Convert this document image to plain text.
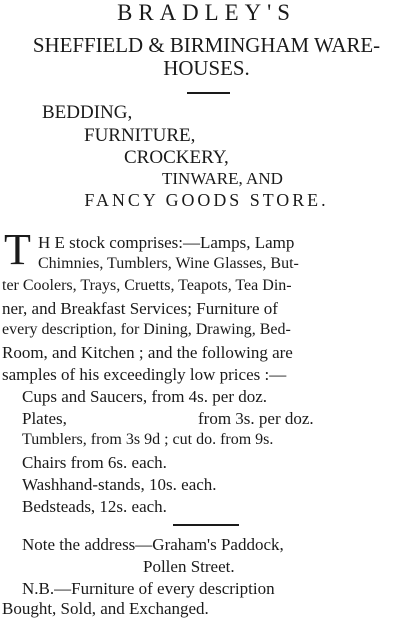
BRADLEY'S
SHEFFIELD & BIRMINGHAM WARE-
HOUSES.
BEDDING,
FURNITURE,
CROCKERY,
TINWARE, AND
FANCY GOODS STORE.
T H E stock comprises:—Lamps, Lamp
Chimnies, Tumblers, Wine Glasses, But-
ter Coolers, Trays, Cruetts, Teapots, Tea Din-
ner, and Breakfast Services; Furniture of
every description, for Dining, Drawing, Bed-
Room, and Kitchen ; and the following are
samples of his exceedingly low prices :—
Cups and Saucers, from 4s. per doz.
Plates,	from 3s. per doz.
Tumblers, from 3s 9d ; cut do. from 9s.
Chairs from 6s. each.
Washhand-stands, 10s. each.
Bedsteads, 12s. each.
Note the address—Graham's Paddock,
Pollen Street.
N.B.—Furniture of every description
Bought, Sold, and Exchanged.
